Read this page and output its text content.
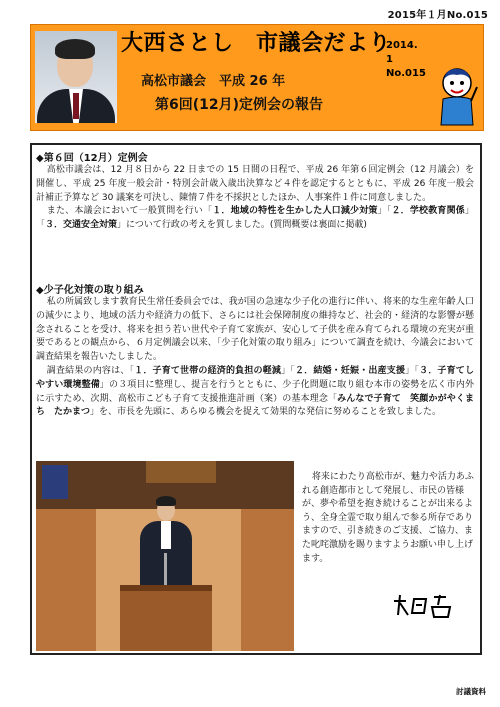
2015年１月No.015
大西さとし　市議会だより
2014. 1
No.015
高松市議会　平成 26 年
第6回(12月)定例会の報告
◆第６回（12月）定例会
高松市議会は、12 月８日から 22 日までの 15 日間の日程で、平成 26 年第６回定例会（12 月議会）を開催し、平成 25 年度一般会計・特別会計歳入歳出決算など４件を認定するとともに、平成 26 年度一般会計補正予算など 30 議案を可決し、陳情７件を不採択としたほか、人事案件１件に同意しました。
また、本議会において一般質問を行い「１．地域の特性を生かした人口減少対策」「２．学校教育関係」「３．交通安全対策」について行政の考えを質しました。(質問概要は裏面に掲載)
◆少子化対策の取り組み
私の所属致します教育民生常任委員会では、我が国の急速な少子化の進行に伴い、将来的な生産年齢人口の減少により、地域の活力や経済力の低下、さらには社会保障制度の維持など、社会的・経済的な影響が懸念されることを受け、将来を担う若い世代や子育て家族が、安心して子供を産み育てられる環境の充実が重要であるとの観点から、６月定例議会以来、「少子化対策の取り組み」について調査を続け、今議会において調査結果を報告いたしました。
調査結果の内容は、「１．子育て世帯の経済的負担の軽減」「２．結婚・妊娠・出産支援」「３．子育てしやすい環境整備」の３項目に整理し、提言を行うとともに、少子化問題に取り組む本市の姿勢を広く市内外に示すため、次期、高松市こども子育て支援推進計画（案）の基本理念「みんなで子育て　笑顔かがやくまち　たかまつ」を、市長を先頭に、あらゆる機会を捉えて効果的な発信に努めることを致しました。
将来にわたり高松市が、魅力や活力あふれる創造都市として発展し、市民の皆様が、夢や希望を抱き続けることが出来るよう、全身全霊で取り組んで参る所存でありますので、引き続きのご支援、ご協力、また叱咤激励を賜りますようお願い申し上げます。
討議資料
